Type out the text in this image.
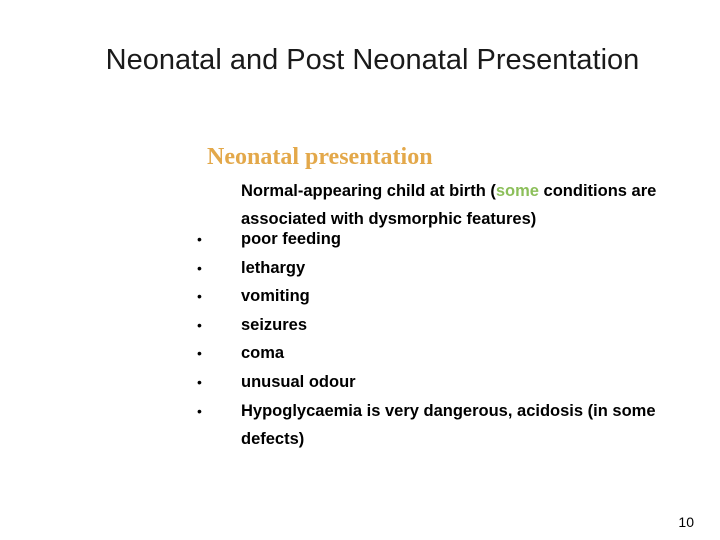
Neonatal and Post Neonatal Presentation
Neonatal presentation
Normal-appearing child at birth (some conditions are associated with dysmorphic features)
• poor feeding
• lethargy
• vomiting
• seizures
• coma
• unusual odour
• Hypoglycaemia is very dangerous, acidosis (in some defects)
10
